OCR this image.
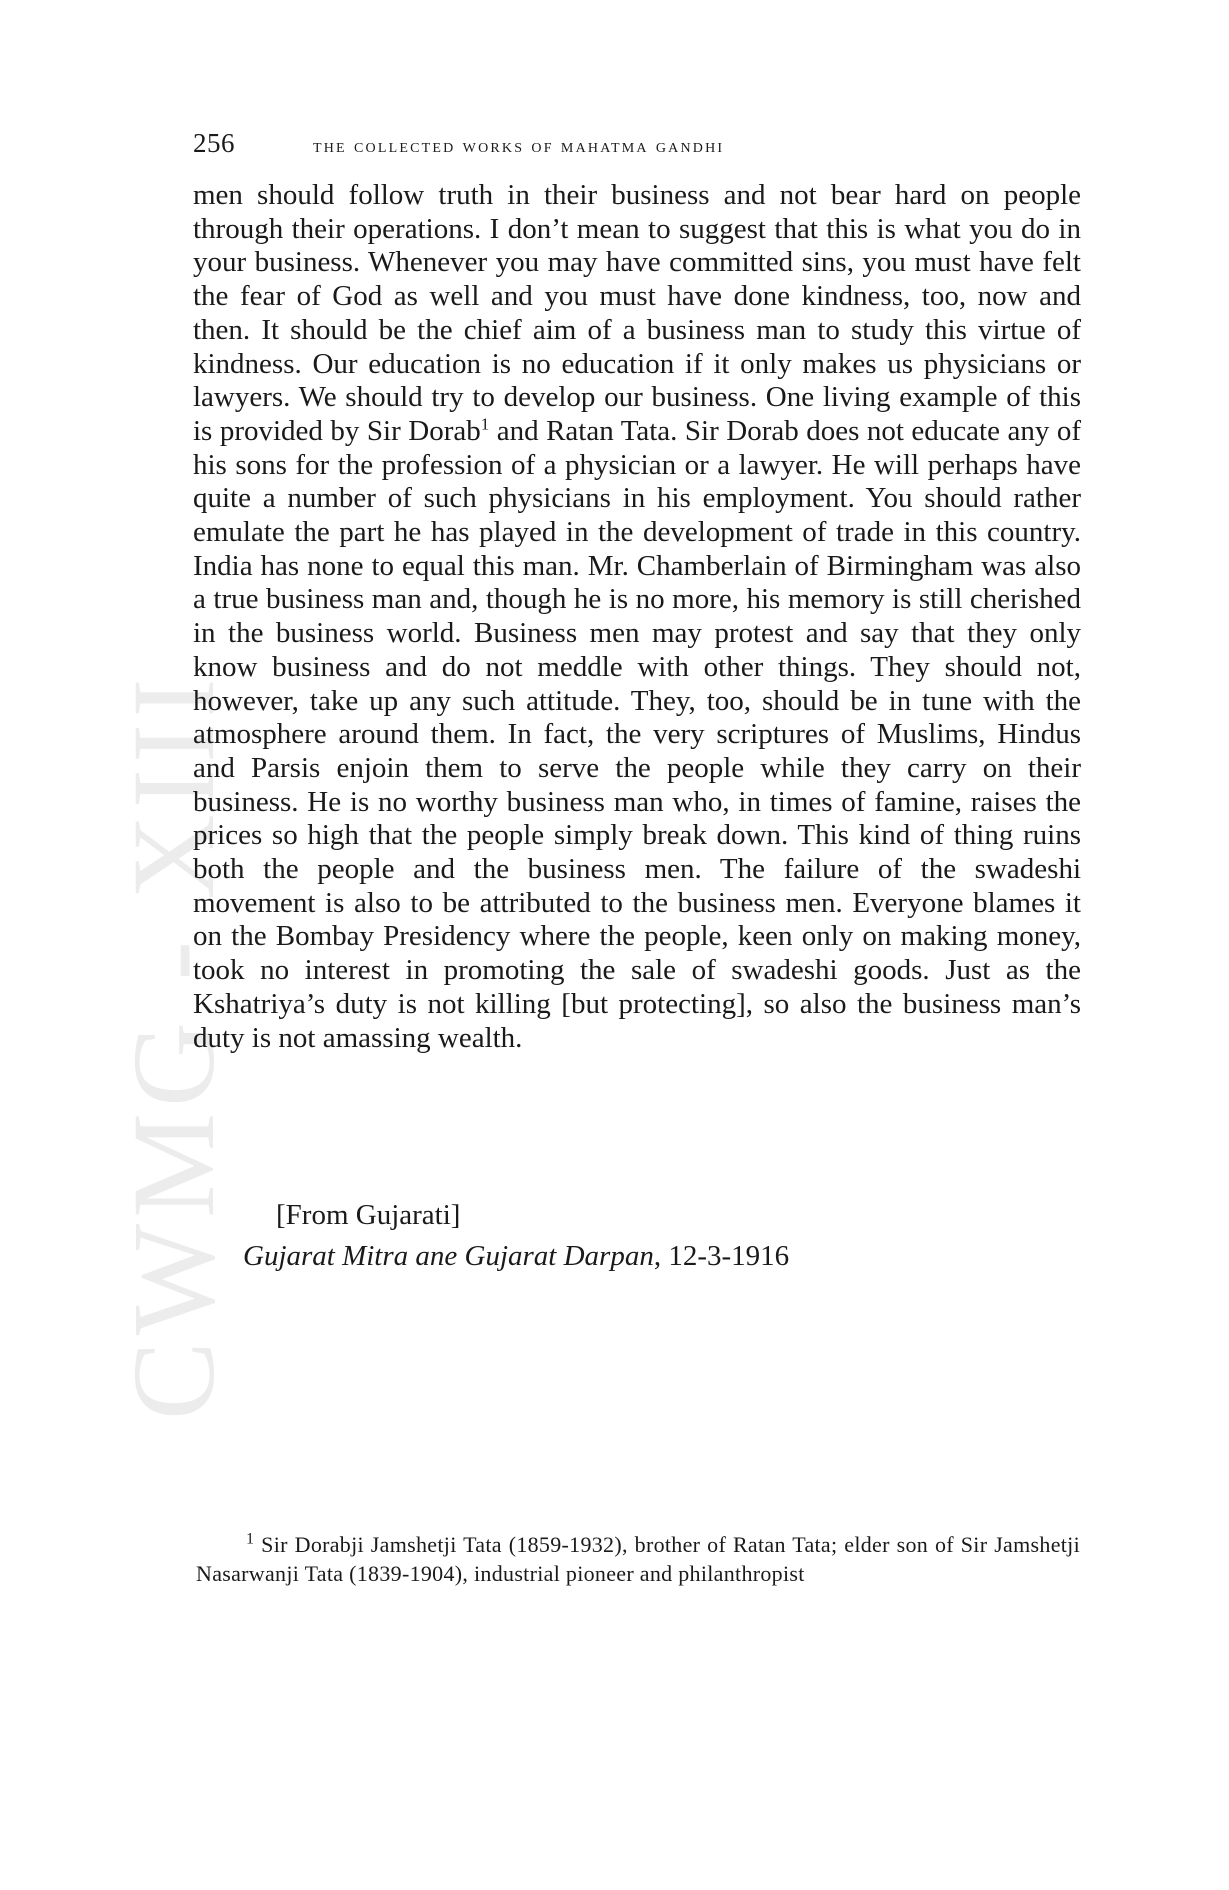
CWMG - XIII
256	the collected works of mahatma gandhi

men should follow truth in their business and not bear hard on people through their operations. I don’t mean to suggest that this is what you do in your business. Whenever you may have committed sins, you must have felt the fear of God as well and you must have done kindness, too, now and then. It should be the chief aim of a business man to study this virtue of kindness. Our education is no education if it only makes us physicians or lawyers. We should try to develop our business. One living example of this is provided by Sir Dorab$^1$ and Ratan Tata. Sir Dorab does not educate any of his sons for the profession of a physician or a lawyer. He will perhaps have quite a number of such physicians in his employment. You should rather emulate the part he has played in the development of trade in this country. India has none to equal this man. Mr. Chamberlain of Birmingham was also a true business man and, though he is no more, his memory is still cherished in the business world. Business men may protest and say that they only know business and do not meddle with other things. They should not, however, take up any such attitude. They, too, should be in tune with the atmosphere around them. In fact, the very scriptures of Muslims, Hindus and Parsis enjoin them to serve the people while they carry on their business. He is no worthy business man who, in times of famine, raises the prices so high that the people simply break down. This kind of thing ruins both the people and the business men. The failure of the swadeshi movement is also to be attributed to the business men. Everyone blames it on the Bombay Presidency where the people, keen only on making money, took no interest in promoting the sale of swadeshi goods. Just as the Kshatriya’s duty is not killing [but protecting], so also the business man’s duty is not amassing wealth.

[From Gujarati]

Gujarat Mitra ane Gujarat Darpan, 12-3-1916

$^1$ Sir Dorabji Jamshetji Tata (1859-1932), brother of Ratan Tata; elder son of Sir Jamshetji Nasarwanji Tata (1839-1904), industrial pioneer and philanthropist
